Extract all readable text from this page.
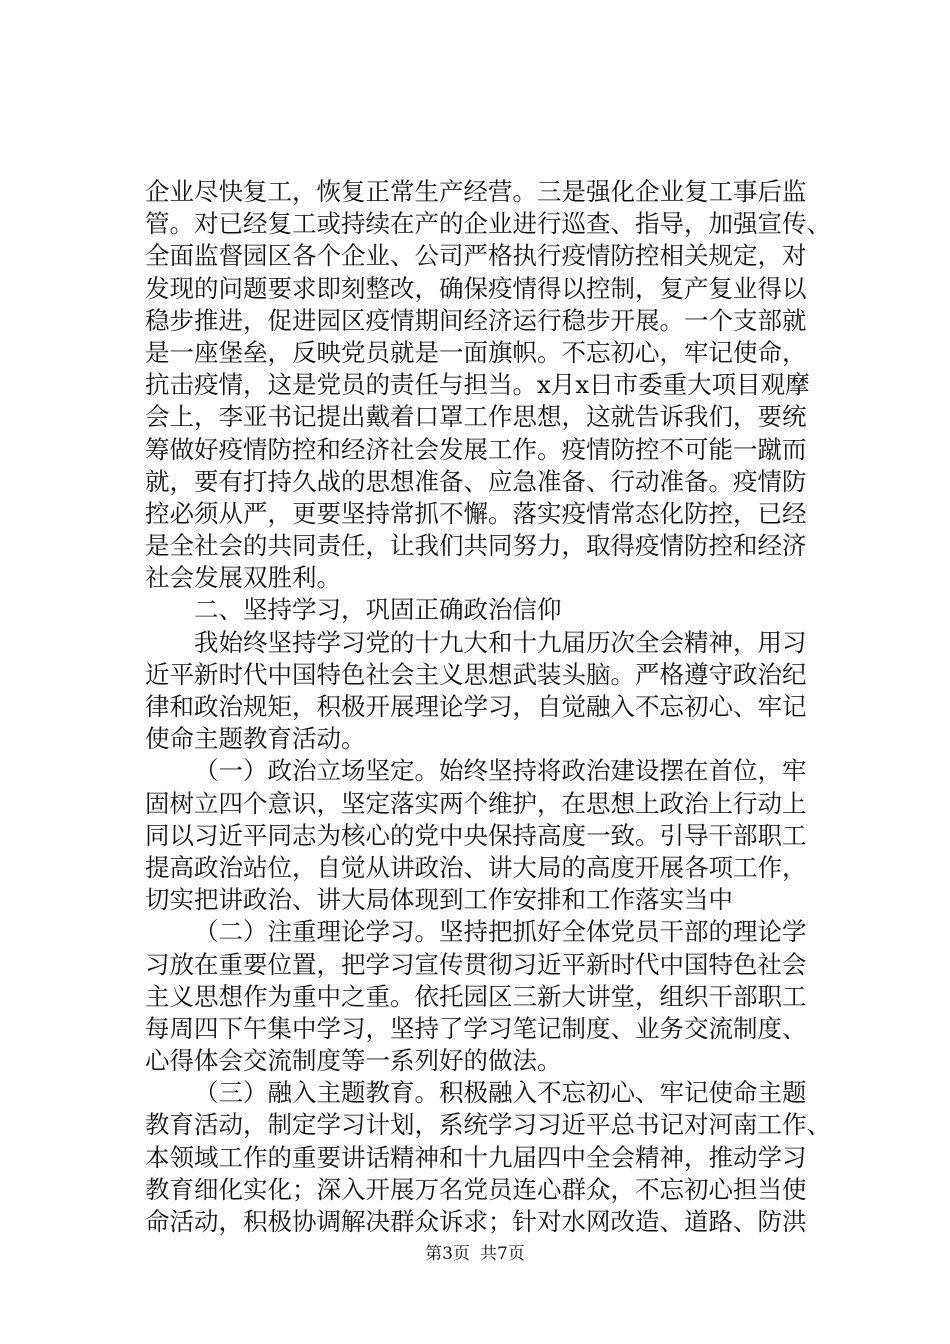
企业尽快复工，恢复正常生产经营。三是强化企业复工事后监
管。对已经复工或持续在产的企业进行巡查、指导，加强宣传、
全面监督园区各个企业、公司严格执行疫情防控相关规定，对
发现的问题要求即刻整改，确保疫情得以控制，复产复业得以
稳步推进，促进园区疫情期间经济运行稳步开展。一个支部就
是一座堡垒，反映党员就是一面旗帜。不忘初心，牢记使命，
抗击疫情，这是党员的责任与担当。x月x日市委重大项目观摩
会上，李亚书记提出戴着口罩工作思想，这就告诉我们，要统
筹做好疫情防控和经济社会发展工作。疫情防控不可能一蹴而
就，要有打持久战的思想准备、应急准备、行动准备。疫情防
控必须从严，更要坚持常抓不懈。落实疫情常态化防控，已经
是全社会的共同责任，让我们共同努力，取得疫情防控和经济
社会发展双胜利。
二、坚持学习，巩固正确政治信仰
我始终坚持学习党的十九大和十九届历次全会精神，用习
近平新时代中国特色社会主义思想武装头脑。严格遵守政治纪
律和政治规矩，积极开展理论学习，自觉融入不忘初心、牢记
使命主题教育活动。
（一）政治立场坚定。始终坚持将政治建设摆在首位，牢
固树立四个意识，坚定落实两个维护，在思想上政治上行动上
同以习近平同志为核心的党中央保持高度一致。引导干部职工
提高政治站位，自觉从讲政治、讲大局的高度开展各项工作，
切实把讲政治、讲大局体现到工作安排和工作落实当中
（二）注重理论学习。坚持把抓好全体党员干部的理论学
习放在重要位置，把学习宣传贯彻习近平新时代中国特色社会
主义思想作为重中之重。依托园区三新大讲堂，组织干部职工
每周四下午集中学习，坚持了学习笔记制度、业务交流制度、
心得体会交流制度等一系列好的做法。
（三）融入主题教育。积极融入不忘初心、牢记使命主题
教育活动，制定学习计划，系统学习习近平总书记对河南工作、
本领域工作的重要讲话精神和十九届四中全会精神，推动学习
教育细化实化；深入开展万名党员连心群众，不忘初心担当使
命活动，积极协调解决群众诉求；针对水网改造、道路、防洪
第3页 共7页
